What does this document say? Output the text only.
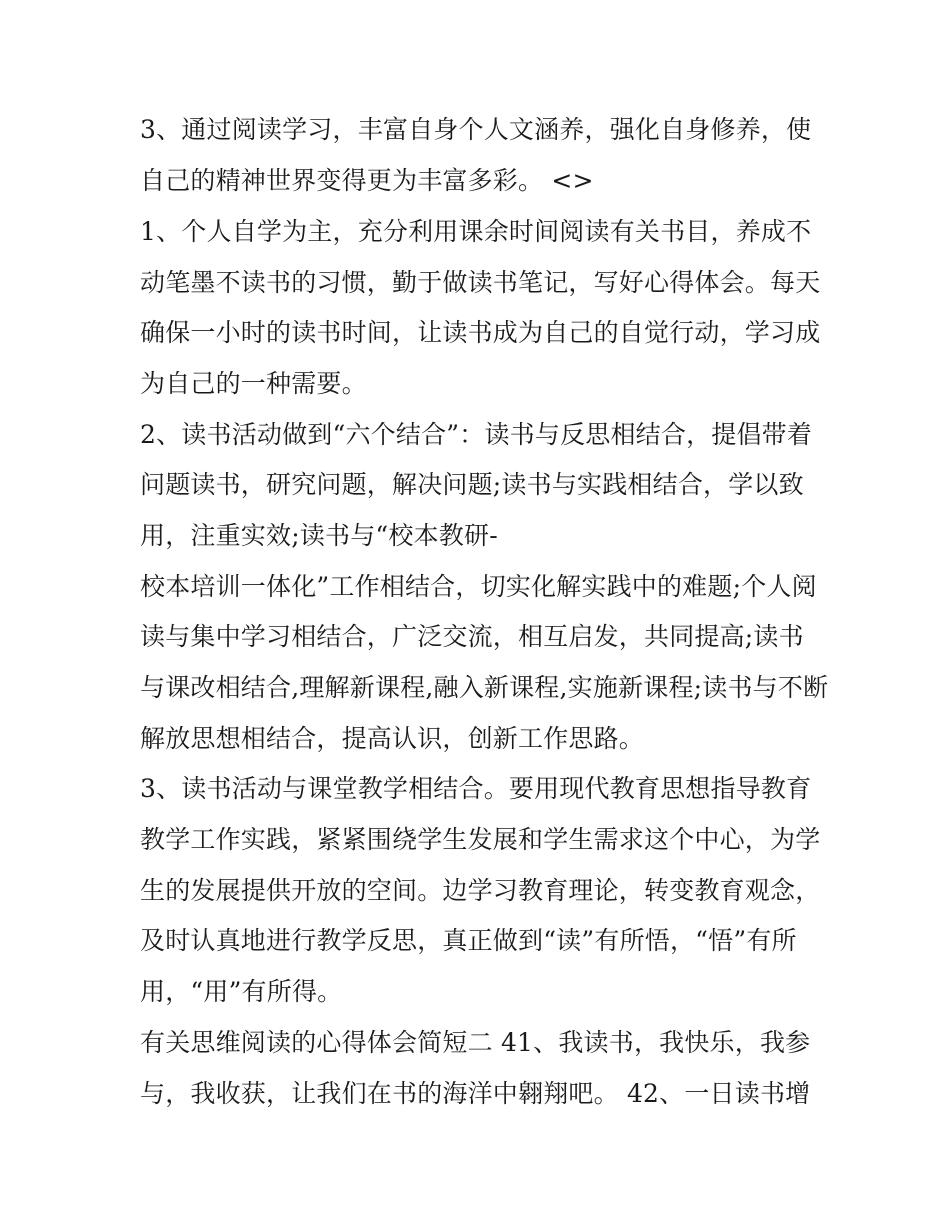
3、通过阅读学习，丰富自身个人文涵养，强化自身修养，使
自己的精神世界变得更为丰富多彩。 <>
1、个人自学为主，充分利用课余时间阅读有关书目，养成不
动笔墨不读书的习惯，勤于做读书笔记，写好心得体会。每天
确保一小时的读书时间，让读书成为自己的自觉行动，学习成
为自己的一种需要。
2、读书活动做到“六个结合”：读书与反思相结合，提倡带着
问题读书，研究问题，解决问题;读书与实践相结合，学以致
用，注重实效;读书与“校本教研-
校本培训一体化”工作相结合，切实化解实践中的难题;个人阅
读与集中学习相结合，广泛交流，相互启发，共同提高;读书
与课改相结合,理解新课程,融入新课程,实施新课程;读书与不断
解放思想相结合，提高认识，创新工作思路。
3、读书活动与课堂教学相结合。要用现代教育思想指导教育
教学工作实践，紧紧围绕学生发展和学生需求这个中心，为学
生的发展提供开放的空间。边学习教育理论，转变教育观念，
及时认真地进行教学反思，真正做到“读”有所悟，“悟”有所
用，“用”有所得。
有关思维阅读的心得体会简短二 41、我读书，我快乐，我参
与，我收获，让我们在书的海洋中翱翔吧。 42、一日读书增
